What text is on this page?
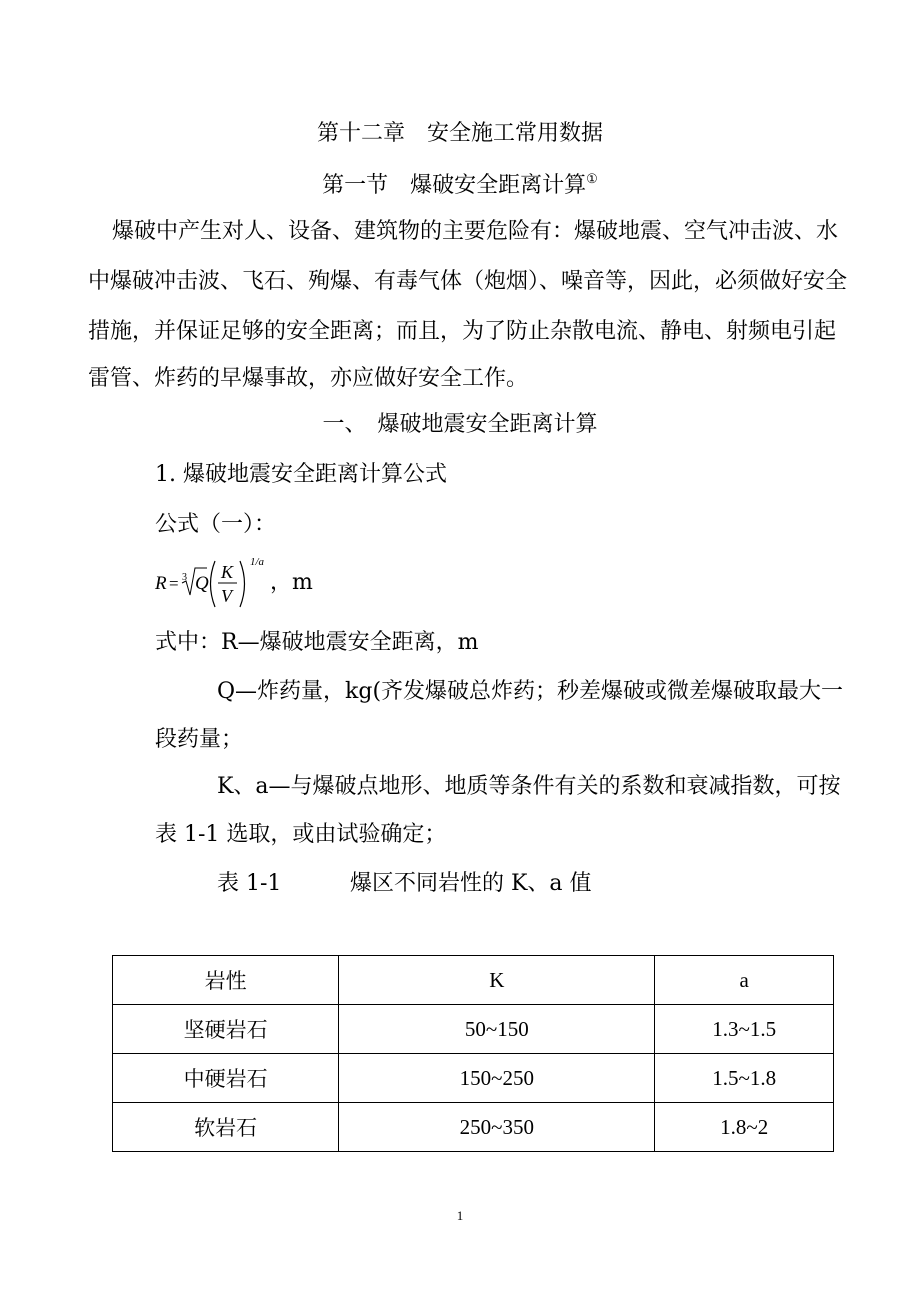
第十二章　安全施工常用数据
第一节　爆破安全距离计算①
爆破中产生对人、设备、建筑物的主要危险有：爆破地震、空气冲击波、水
中爆破冲击波、飞石、殉爆、有毒气体（炮烟）、噪音等，因此，必须做好安全
措施，并保证足够的安全距离；而且，为了防止杂散电流、静电、射频电引起
雷管、炸药的早爆事故，亦应做好安全工作。
一、　爆破地震安全距离计算
1. 爆破地震安全距离计算公式
公式（一）：
R = 3 Q
K
V
1/a
，m
式中：R—爆破地震安全距离，m
Q—炸药量，kg(齐发爆破总炸药；秒差爆破或微差爆破取最大一
段药量；
K、a—与爆破点地形、地质等条件有关的系数和衰减指数，可按
表 1-1 选取，或由试验确定；
表 1-1	爆区不同岩性的 K、a 值
岩性	K	a
坚硬岩石	50~150	1.3~1.5
中硬岩石	150~250	1.5~1.8
软岩石	250~350	1.8~2
1
